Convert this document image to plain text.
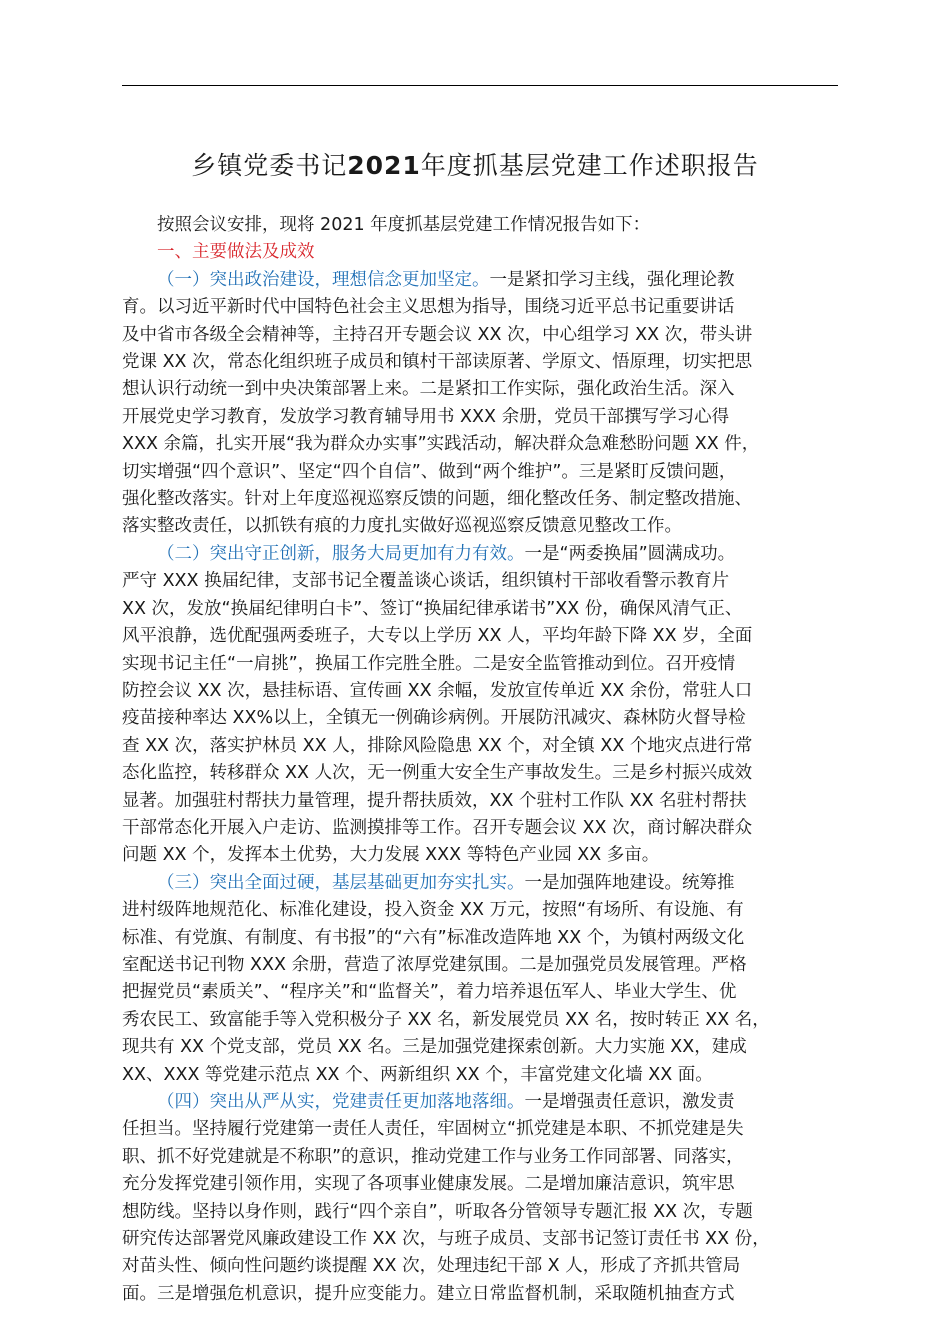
乡镇党委书记2021年度抓基层党建工作述职报告
按照会议安排，现将 2021 年度抓基层党建工作情况报告如下：
一、主要做法及成效
（一）突出政治建设，理想信念更加坚定。一是紧扣学习主线，强化理论教
育。以习近平新时代中国特色社会主义思想为指导，围绕习近平总书记重要讲话
及中省市各级全会精神等，主持召开专题会议 XX 次，中心组学习 XX 次，带头讲
党课 XX 次，常态化组织班子成员和镇村干部读原著、学原文、悟原理，切实把思
想认识行动统一到中央决策部署上来。二是紧扣工作实际，强化政治生活。深入
开展党史学习教育，发放学习教育辅导用书 XXX 余册，党员干部撰写学习心得
XXX 余篇，扎实开展“我为群众办实事”实践活动，解决群众急难愁盼问题 XX 件，
切实增强“四个意识”、坚定“四个自信”、做到“两个维护”。三是紧盯反馈问题，
强化整改落实。针对上年度巡视巡察反馈的问题，细化整改任务、制定整改措施、
落实整改责任，以抓铁有痕的力度扎实做好巡视巡察反馈意见整改工作。
（二）突出守正创新，服务大局更加有力有效。一是“两委换届”圆满成功。
严守 XXX 换届纪律，支部书记全覆盖谈心谈话，组织镇村干部收看警示教育片
XX 次，发放“换届纪律明白卡”、签订“换届纪律承诺书”XX 份，确保风清气正、
风平浪静，选优配强两委班子，大专以上学历 XX 人，平均年龄下降 XX 岁，全面
实现书记主任“一肩挑”，换届工作完胜全胜。二是安全监管推动到位。召开疫情
防控会议 XX 次，悬挂标语、宣传画 XX 余幅，发放宣传单近 XX 余份，常驻人口
疫苗接种率达 XX%以上，全镇无一例确诊病例。开展防汛减灾、森林防火督导检
查 XX 次，落实护林员 XX 人，排除风险隐患 XX 个，对全镇 XX 个地灾点进行常
态化监控，转移群众 XX 人次，无一例重大安全生产事故发生。三是乡村振兴成效
显著。加强驻村帮扶力量管理，提升帮扶质效，XX 个驻村工作队 XX 名驻村帮扶
干部常态化开展入户走访、监测摸排等工作。召开专题会议 XX 次，商讨解决群众
问题 XX 个，发挥本土优势，大力发展 XXX 等特色产业园 XX 多亩。
（三）突出全面过硬，基层基础更加夯实扎实。一是加强阵地建设。统筹推
进村级阵地规范化、标准化建设，投入资金 XX 万元，按照“有场所、有设施、有
标准、有党旗、有制度、有书报”的“六有”标准改造阵地 XX 个，为镇村两级文化
室配送书记刊物 XXX 余册，营造了浓厚党建氛围。二是加强党员发展管理。严格
把握党员“素质关”、“程序关”和“监督关”，着力培养退伍军人、毕业大学生、优
秀农民工、致富能手等入党积极分子 XX 名，新发展党员 XX 名，按时转正 XX 名，
现共有 XX 个党支部，党员 XX 名。三是加强党建探索创新。大力实施 XX，建成
XX、XXX 等党建示范点 XX 个、两新组织 XX 个，丰富党建文化墙 XX 面。
（四）突出从严从实，党建责任更加落地落细。一是增强责任意识，激发责
任担当。坚持履行党建第一责任人责任，牢固树立“抓党建是本职、不抓党建是失
职、抓不好党建就是不称职”的意识，推动党建工作与业务工作同部署、同落实，
充分发挥党建引领作用，实现了各项事业健康发展。二是增加廉洁意识，筑牢思
想防线。坚持以身作则，践行“四个亲自”，听取各分管领导专题汇报 XX 次，专题
研究传达部署党风廉政建设工作 XX 次，与班子成员、支部书记签订责任书 XX 份，
对苗头性、倾向性问题约谈提醒 XX 次，处理违纪干部 X 人，形成了齐抓共管局
面。三是增强危机意识，提升应变能力。建立日常监督机制，采取随机抽查方式
